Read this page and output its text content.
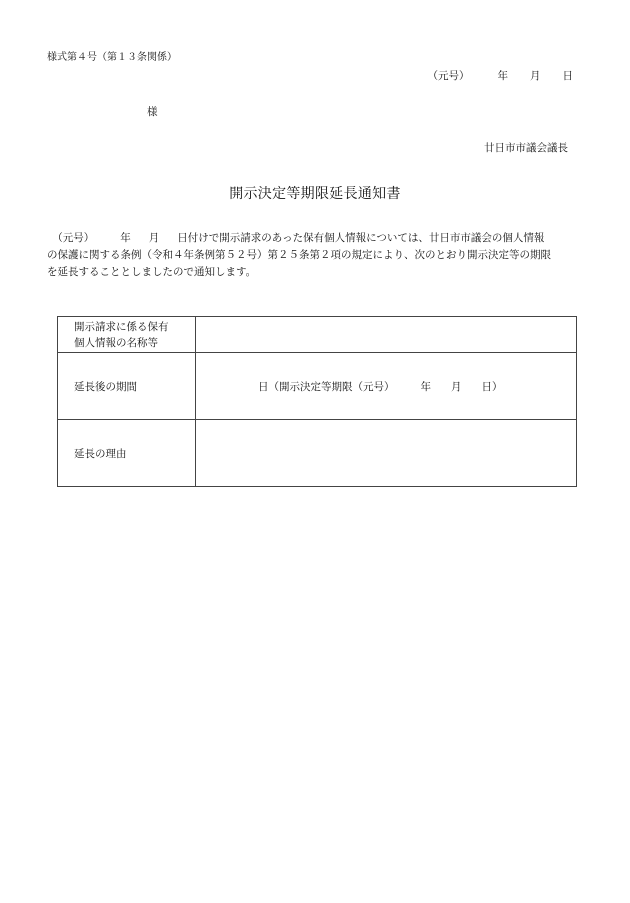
様式第４号（第１３条関係）
（元号）	年 月 日
様
廿日市市議会議長
開示決定等期限延長通知書
　（元号） 年 月 日付けで開示請求のあった保有個人情報については、廿日市市議会の個人情報
の保護に関する条例（令和４年条例第５２号）第２５条第２項の規定により、次のとおり開示決定等の期限
を延長することとしましたので通知します。
開示請求に係る保有
個人情報の名称等	

延長後の期間	日（開示決定等期限（元号） 年 月 日）

延長の理由	
